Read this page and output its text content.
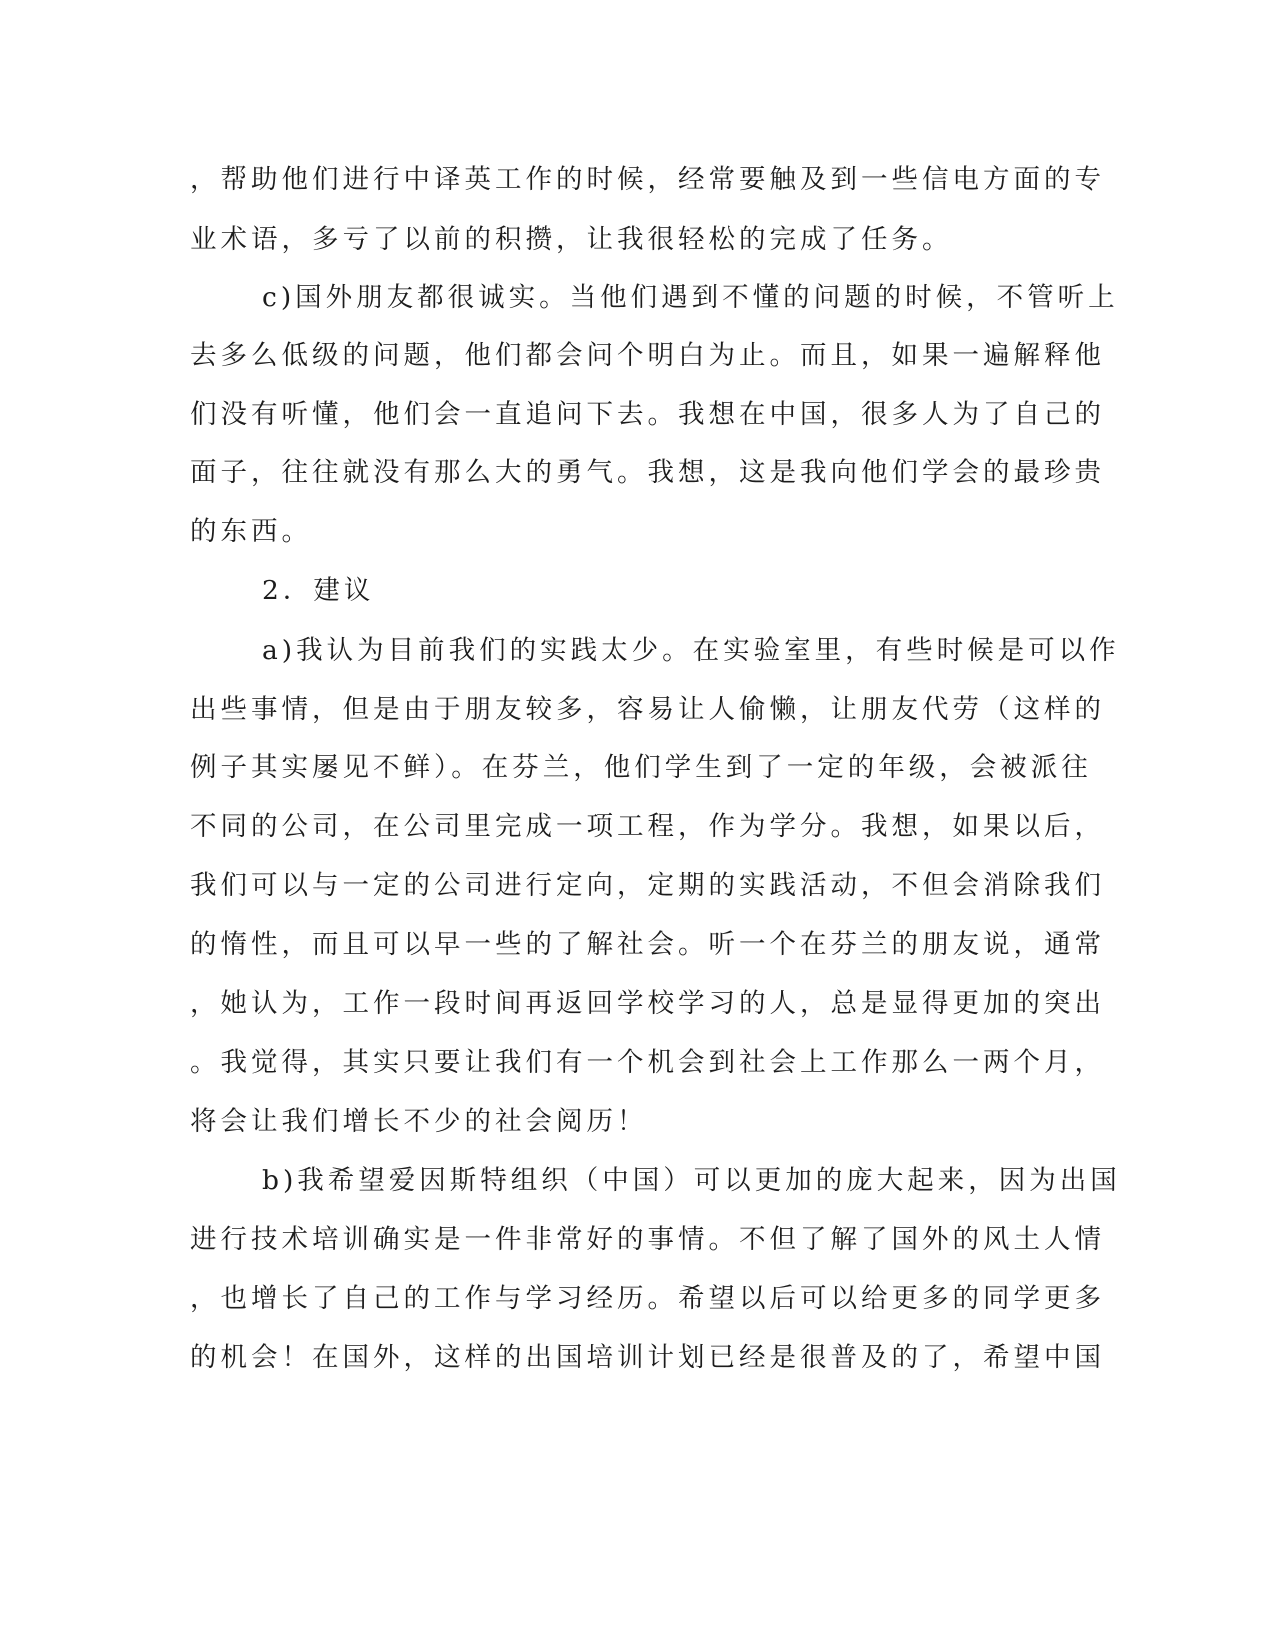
，帮助他们进行中译英工作的时候，经常要触及到一些信电方面的专
业术语，多亏了以前的积攒，让我很轻松的完成了任务。
c)国外朋友都很诚实。当他们遇到不懂的问题的时候，不管听上
去多么低级的问题，他们都会问个明白为止。而且，如果一遍解释他
们没有听懂，他们会一直追问下去。我想在中国，很多人为了自己的
面子，往往就没有那么大的勇气。我想，这是我向他们学会的最珍贵
的东西。
2．建议
a)我认为目前我们的实践太少。在实验室里，有些时候是可以作
出些事情，但是由于朋友较多，容易让人偷懒，让朋友代劳（这样的
例子其实屡见不鲜）。在芬兰，他们学生到了一定的年级，会被派往
不同的公司，在公司里完成一项工程，作为学分。我想，如果以后，
我们可以与一定的公司进行定向，定期的实践活动，不但会消除我们
的惰性，而且可以早一些的了解社会。听一个在芬兰的朋友说，通常
，她认为，工作一段时间再返回学校学习的人，总是显得更加的突出
。我觉得，其实只要让我们有一个机会到社会上工作那么一两个月，
将会让我们增长不少的社会阅历！
b)我希望爱因斯特组织（中国）可以更加的庞大起来，因为出国
进行技术培训确实是一件非常好的事情。不但了解了国外的风土人情
，也增长了自己的工作与学习经历。希望以后可以给更多的同学更多
的机会！在国外，这样的出国培训计划已经是很普及的了，希望中国
